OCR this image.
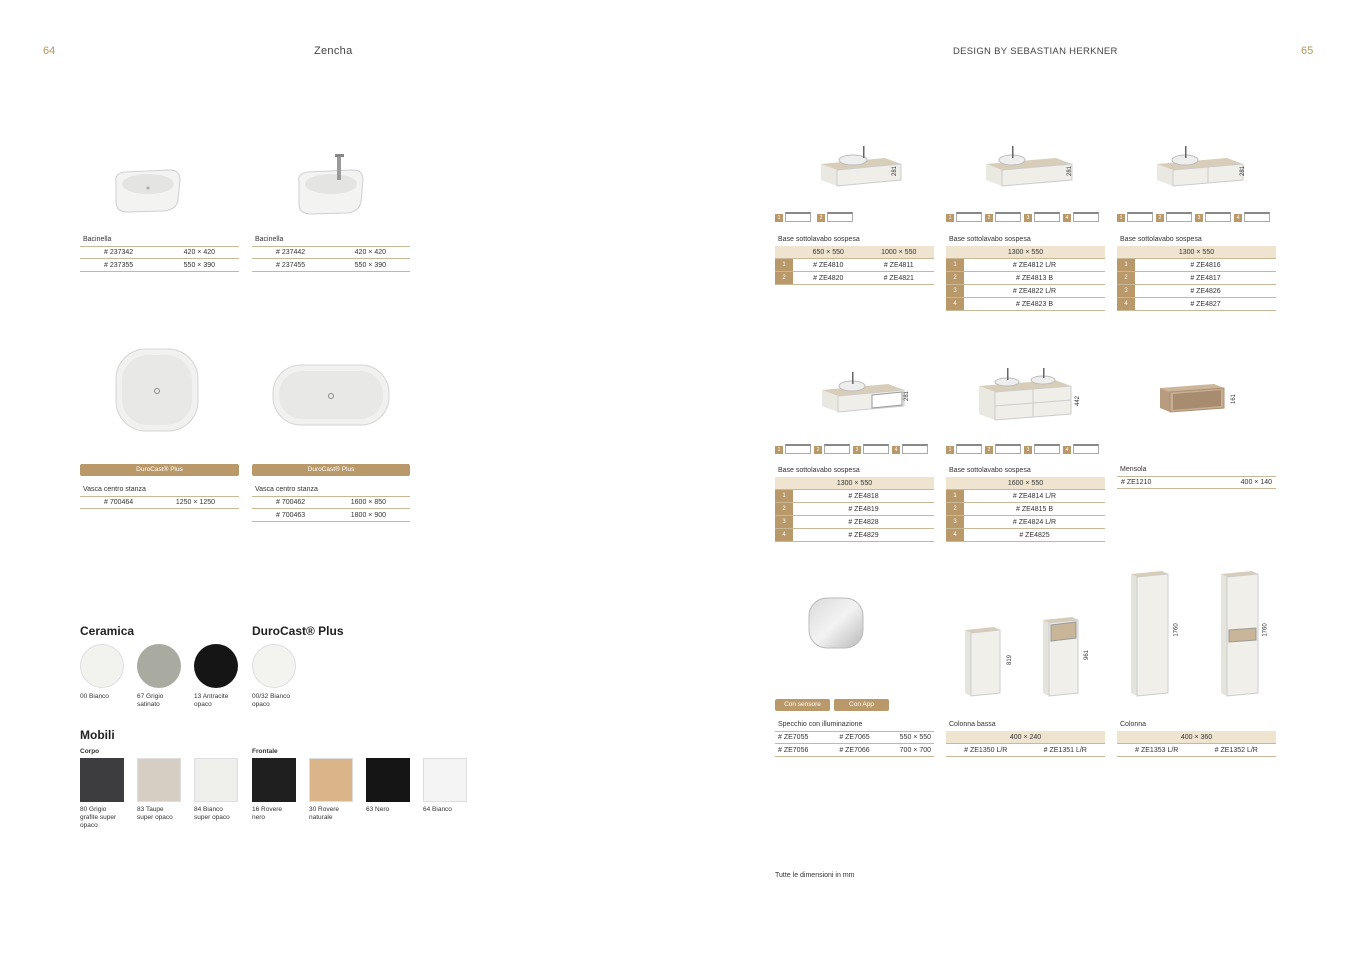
64	Zencha	DESIGN BY SEBASTIAN HERKNER	65
Bacinella
# 237342	420 × 420
# 237355	550 × 390
Bacinella
# 237442	420 × 420
# 237455	550 × 390
DuroCast® Plus
Vasca centro stanza
# 700464	1250 × 1250
DuroCast® Plus
Vasca centro stanza
# 700462	1600 × 850
# 700463	1800 × 900
Ceramica
00 Bianco	67 Grigio satinato
13 Antracite opaco
DuroCast® Plus
00/32 Bianco opaco
Mobili
Corpo	Frontale
80 Grigio grafite super opaco
83 Taupe super opaco
84 Bianco super opaco
16 Rovere nero
30 Rovere naturale
63 Nero	64 Bianco
281	281	281
1	2	1	2	3	4	1	2	3	4
Base sottolavabo sospesa
650 × 550	1000 × 550
1	# ZE4810	# ZE4811
2	# ZE4820	# ZE4821
Base sottolavabo sospesa
1300 × 550
1	# ZE4812 L/R
2	# ZE4813 B
3	# ZE4822 L/R
4	# ZE4823 B
Base sottolavabo sospesa
1300 × 550
1	# ZE4816
2	# ZE4817
3	# ZE4826
4	# ZE4827
281	442	161
1	2	3	4	1	2	3	4
Base sottolavabo sospesa
1300 × 550
1	# ZE4818
2	# ZE4819
3	# ZE4828
4	# ZE4829
Base sottolavabo sospesa
1600 × 550
1	# ZE4814 L/R
2	# ZE4815 B
3	# ZE4824 L/R
4	# ZE4825
Mensola
# ZE1210	400 × 140
Con sensore	Con App
Specchio con illuminazione
# ZE7055	# ZE7065	550 × 550
# ZE7056	# ZE7066	700 × 700
819	961
Colonna bassa
400 × 240
# ZE1350 L/R	# ZE1351 L/R
1760	1760
Colonna
400 × 360
# ZE1353 L/R	# ZE1352 L/R
Tutte le dimensioni in mm
